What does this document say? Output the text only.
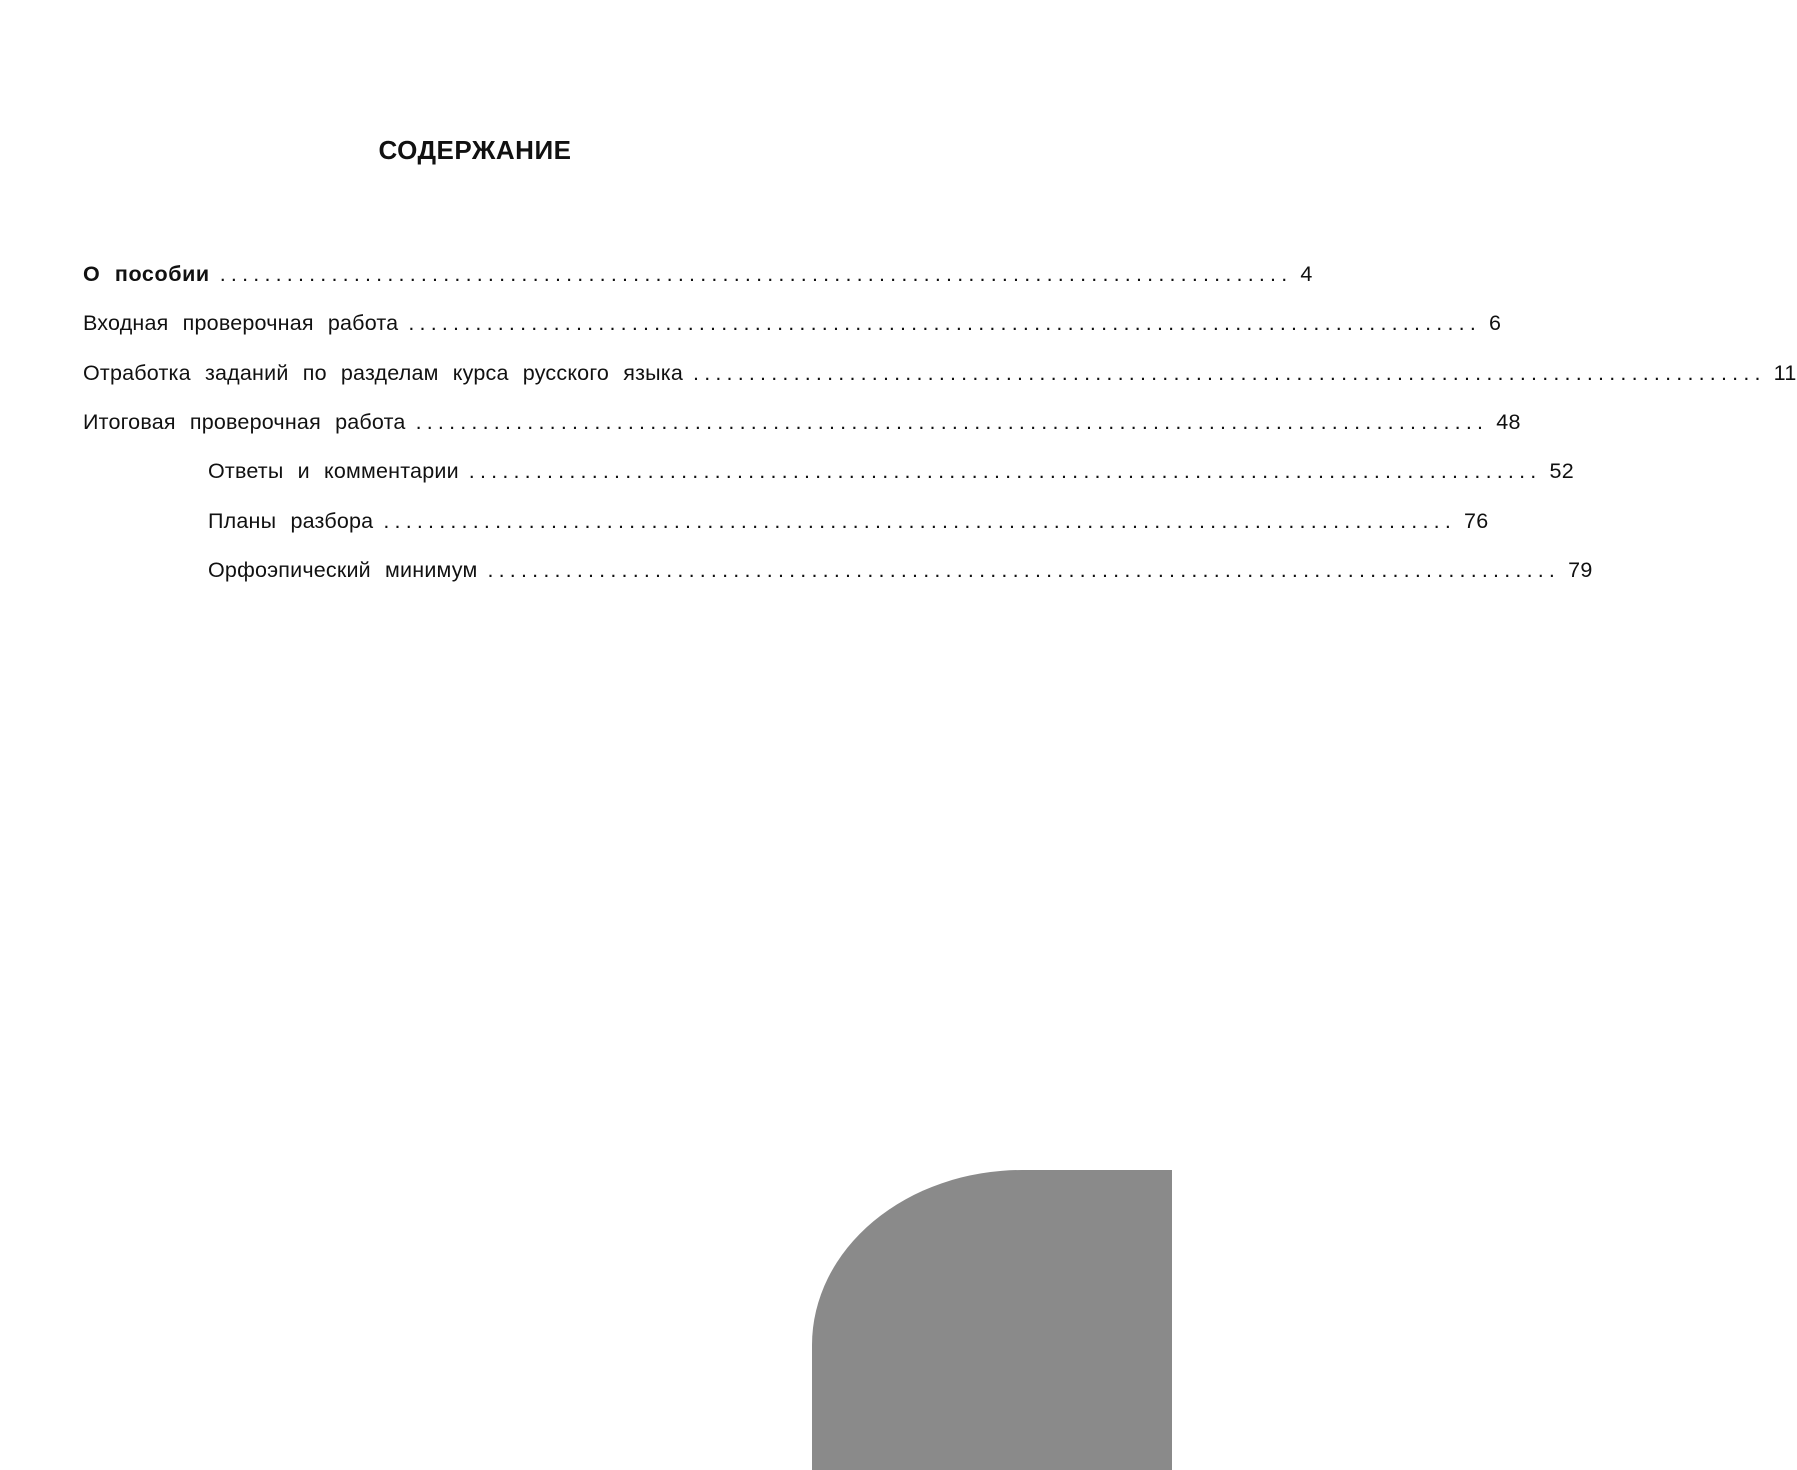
СОДЕРЖАНИЕ
О пособии ................................................................................................ 4
Входная проверочная работа ................................................................................................ 6
Отработка заданий по разделам курса русского языка ................................................................................................ 11
Итоговая проверочная работа ................................................................................................ 48
Ответы и комментарии ................................................................................................ 52
Планы разбора ................................................................................................ 76
Орфоэпический минимум ................................................................................................ 79
